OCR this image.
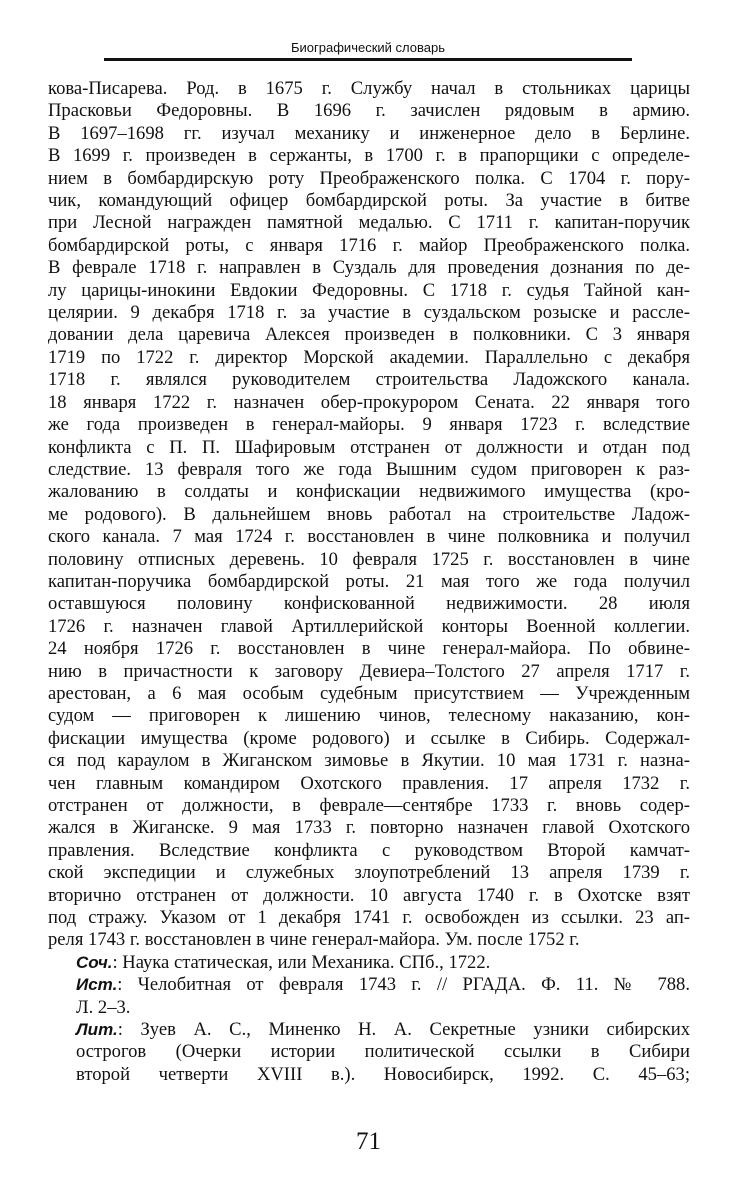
Биографический словарь
кова-Писарева. Род. в 1675 г. Службу начал в стольниках царицы
Прасковьи Федоровны. В 1696 г. зачислен рядовым в армию.
В 1697–1698 гг. изучал механику и инженерное дело в Берлине.
В 1699 г. произведен в сержанты, в 1700 г. в прапорщики с определе-
нием в бомбардирскую роту Преображенского полка. С 1704 г. пору-
чик, командующий офицер бомбардирской роты. За участие в битве
при Лесной награжден памятной медалью. С 1711 г. капитан-поручик
бомбардирской роты, с января 1716 г. майор Преображенского полка.
В феврале 1718 г. направлен в Суздаль для проведения дознания по де-
лу царицы-инокини Евдокии Федоровны. С 1718 г. судья Тайной кан-
целярии. 9 декабря 1718 г. за участие в суздальском розыске и рассле-
довании дела царевича Алексея произведен в полковники. С 3 января
1719 по 1722 г. директор Морской академии. Параллельно с декабря
1718 г. являлся руководителем строительства Ладожского канала.
18 января 1722 г. назначен обер-прокурором Сената. 22 января того
же года произведен в генерал-майоры. 9 января 1723 г. вследствие
конфликта с П. П. Шафировым отстранен от должности и отдан под
следствие. 13 февраля того же года Вышним судом приговорен к раз-
жалованию в солдаты и конфискации недвижимого имущества (кро-
ме родового). В дальнейшем вновь работал на строительстве Ладож-
ского канала. 7 мая 1724 г. восстановлен в чине полковника и получил
половину отписных деревень. 10 февраля 1725 г. восстановлен в чине
капитан-поручика бомбардирской роты. 21 мая того же года получил
оставшуюся половину конфискованной недвижимости. 28 июля
1726 г. назначен главой Артиллерийской конторы Военной коллегии.
24 ноября 1726 г. восстановлен в чине генерал-майора. По обвине-
нию в причастности к заговору Девиера–Толстого 27 апреля 1717 г.
арестован, а 6 мая особым судебным присутствием — Учрежденным
судом — приговорен к лишению чинов, телесному наказанию, кон-
фискации имущества (кроме родового) и ссылке в Сибирь. Содержал-
ся под караулом в Жиганском зимовье в Якутии. 10 мая 1731 г. назна-
чен главным командиром Охотского правления. 17 апреля 1732 г.
отстранен от должности, в феврале—сентябре 1733 г. вновь содер-
жался в Жиганске. 9 мая 1733 г. повторно назначен главой Охотского
правления. Вследствие конфликта с руководством Второй камчат-
ской экспедиции и служебных злоупотреблений 13 апреля 1739 г.
вторично отстранен от должности. 10 августа 1740 г. в Охотске взят
под стражу. Указом от 1 декабря 1741 г. освобожден из ссылки. 23 ап-
реля 1743 г. восстановлен в чине генерал-майора. Ум. после 1752 г.
Соч.: Наука статическая, или Механика. СПб., 1722.
Ист.: Челобитная от февраля 1743 г. // РГАДА. Ф. 11. № 788.
Л. 2–3.
Лит.: Зуев А. С., Миненко Н. А. Секретные узники сибирских
острогов (Очерки истории политической ссылки в Сибири
второй четверти XVIII в.). Новосибирск, 1992. С. 45–63;
71
